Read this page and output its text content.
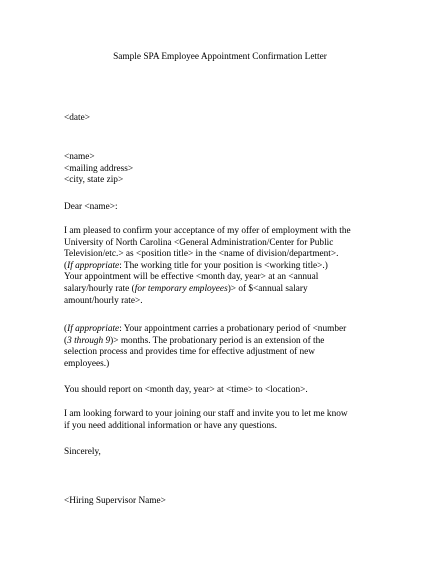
Sample SPA Employee Appointment Confirmation Letter
<date>
<name>
<mailing address>
<city, state zip>
Dear <name>:
I am pleased to confirm your acceptance of my offer of employment with the
University of North Carolina <General Administration/Center for Public
Television/etc.> as <position title> in the <name of division/department>.
(If appropriate: The working title for your position is <working title>.)
Your appointment will be effective <month day, year> at an <annual
salary/hourly rate (for temporary employees)> of $<annual salary
amount/hourly rate>.
(If appropriate: Your appointment carries a probationary period of <number
(3 through 9)> months. The probationary period is an extension of the
selection process and provides time for effective adjustment of new
employees.)
You should report on <month day, year> at <time> to <location>.
I am looking forward to your joining our staff and invite you to let me know
if you need additional information or have any questions.
Sincerely,
<Hiring Supervisor Name>
